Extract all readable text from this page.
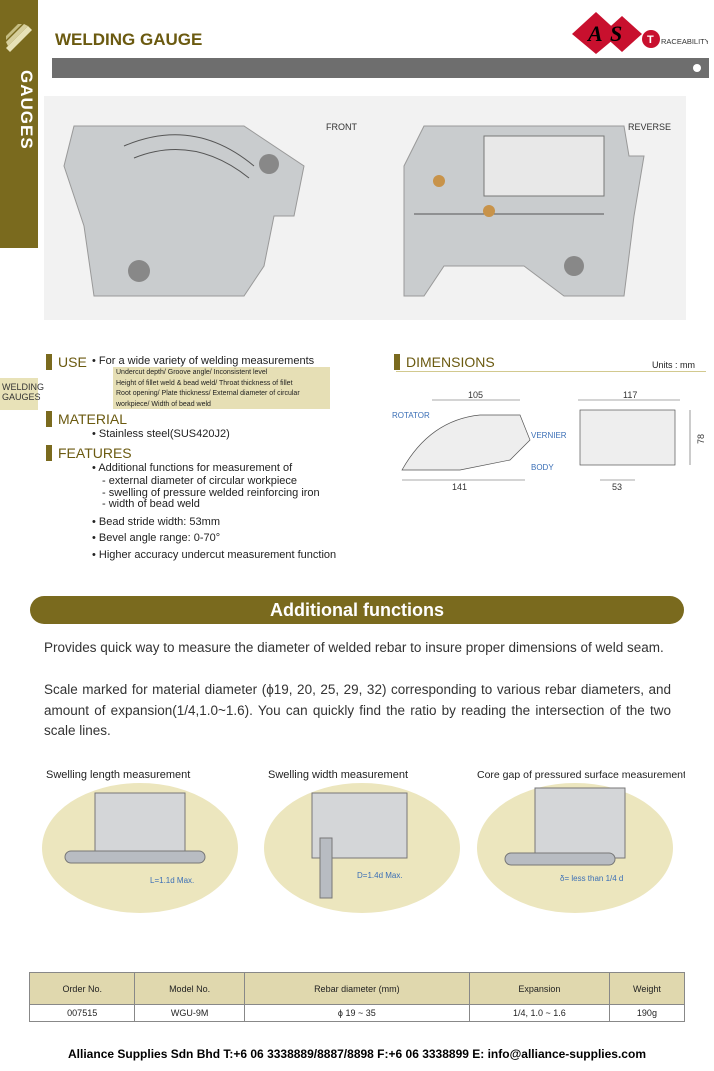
GAUGES
WELDING GAUGES
WELDING GAUGE	A S T RACEABILITY
FRONT	REVERSE
USE • For a wide variety of welding measurements
Undercut depth/ Groove angle/ Inconsistent level
Height of fillet weld & bead weld/ Throat thickness of fillet
Root opening/ Plate thickness/ External diameter of circular
workpiece/ Width of bead weld
MATERIAL
• Stainless steel(SUS420J2)
FEATURES
• Additional functions for measurement of
- external diameter of circular workpiece
- swelling of pressure welded reinforcing iron
- width of bead weld
• Bead stride width: 53mm
• Bevel angle range: 0-70°
• Higher accuracy undercut measurement function
DIMENSIONS	Units : mm
105
141
ROTATOR
VERNIER
BODY
117
78
53
Additional functions
Provides quick way to measure the diameter of welded rebar to insure proper dimensions of weld seam.
Scale marked for material diameter (ϕ19, 20, 25, 29, 32) corresponding to various rebar diameters, and amount of expansion(1/4,1.0~1.6). You can quickly find the ratio by reading the intersection of the two scale lines.
Swelling length measurement
L=1.1d Max.
Swelling width measurement
D=1.4d Max.
Core gap of pressured surface measurement
δ= less than 1/4 d
Order No.	Model No.	Rebar diameter (mm)	Expansion	Weight
007515	WGU-9M	ϕ 19 ~ 35	1/4, 1.0 ~ 1.6	190g
Alliance Supplies Sdn Bhd T:+6 06 3338889/8887/8898 F:+6 06 3338899 E: info@alliance-supplies.com
